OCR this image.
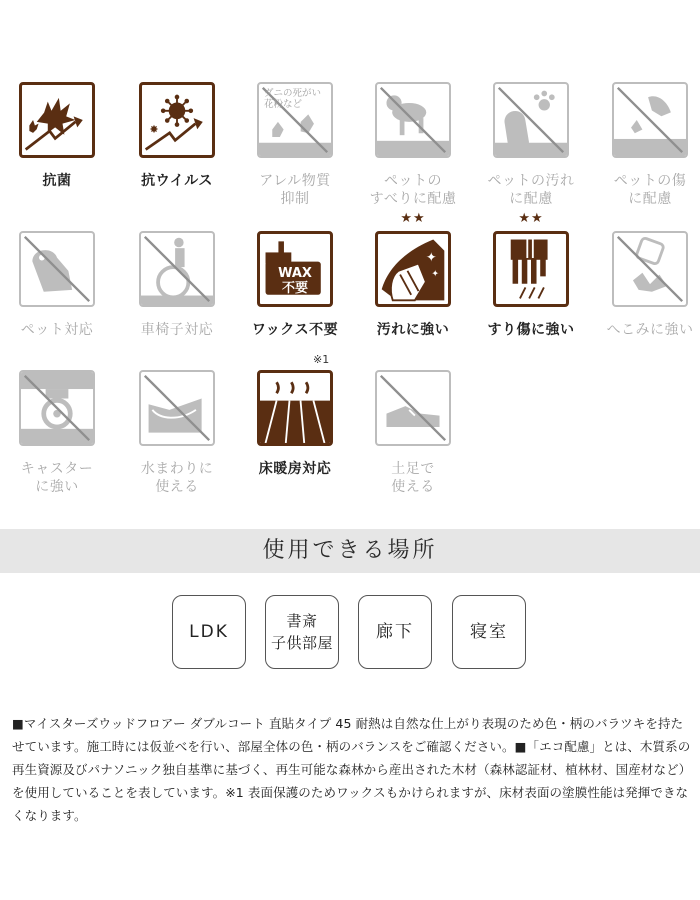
抗菌
✸
抗ウイルス
ダニの死がい
花粉など
アレル物質
抑制
ペットの
すべりに配慮
ペットの汚れ
に配慮
ペットの傷
に配慮
ペット対応	車椅子対応
WAX
不要
ワックス不要
※1
★★
✦
✦
汚れに強い
★★
すり傷に強い	へこみに強い
キャスター
に強い
水まわりに
使える
床暖房対応	土足で
使える
使用できる場所
LDK
書斎
子供部屋
廊下	寝室
■マイスターズウッドフロアー ダブルコート 直貼タイプ 45 耐熱は自然な仕上がり表現のため色・柄のバラツキを持たせています。施工時には仮並べを行い、部屋全体の色・柄のバランスをご確認ください。■「エコ配慮」とは、木質系の再生資源及びパナソニック独自基準に基づく、再生可能な森林から産出された木材（森林認証材、植林材、国産材など）を使用していることを表しています。※1 表面保護のためワックスもかけられますが、床材表面の塗膜性能は発揮できなくなります。
